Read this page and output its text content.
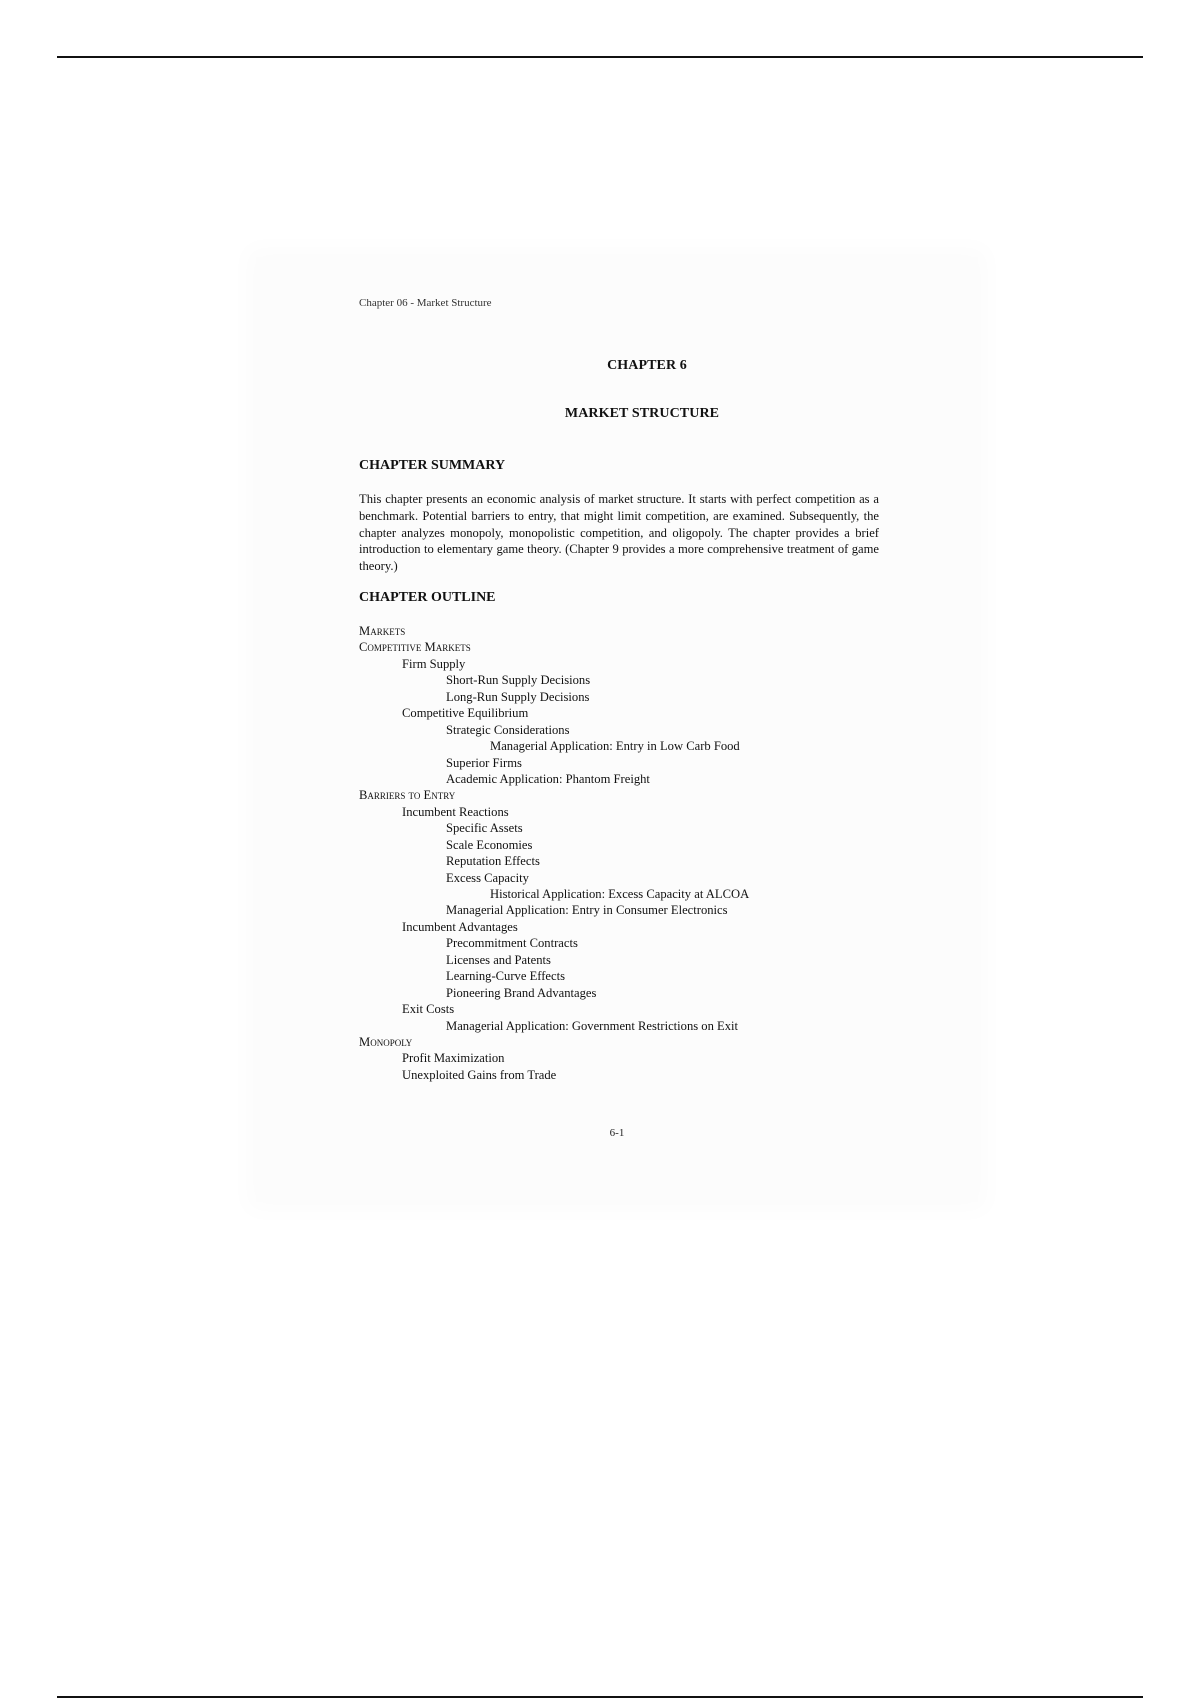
Chapter 06 - Market Structure
CHAPTER 6
MARKET STRUCTURE
CHAPTER SUMMARY

This chapter presents an economic analysis of market structure. It starts with perfect competition as a benchmark. Potential barriers to entry, that might limit competition, are examined. Subsequently, the chapter analyzes monopoly, monopolistic competition, and oligopoly. The chapter provides a brief introduction to elementary game theory. (Chapter 9 provides a more comprehensive treatment of game theory.)

CHAPTER OUTLINE
Markets
Competitive Markets
Firm Supply
Short-Run Supply Decisions
Long-Run Supply Decisions
Competitive Equilibrium
Strategic Considerations
Managerial Application: Entry in Low Carb Food
Superior Firms
Academic Application: Phantom Freight
Barriers to Entry
Incumbent Reactions
Specific Assets
Scale Economies
Reputation Effects
Excess Capacity
Historical Application: Excess Capacity at ALCOA
Managerial Application: Entry in Consumer Electronics
Incumbent Advantages
Precommitment Contracts
Licenses and Patents
Learning-Curve Effects
Pioneering Brand Advantages
Exit Costs
Managerial Application: Government Restrictions on Exit
Monopoly
Profit Maximization
Unexploited Gains from Trade
6-1
